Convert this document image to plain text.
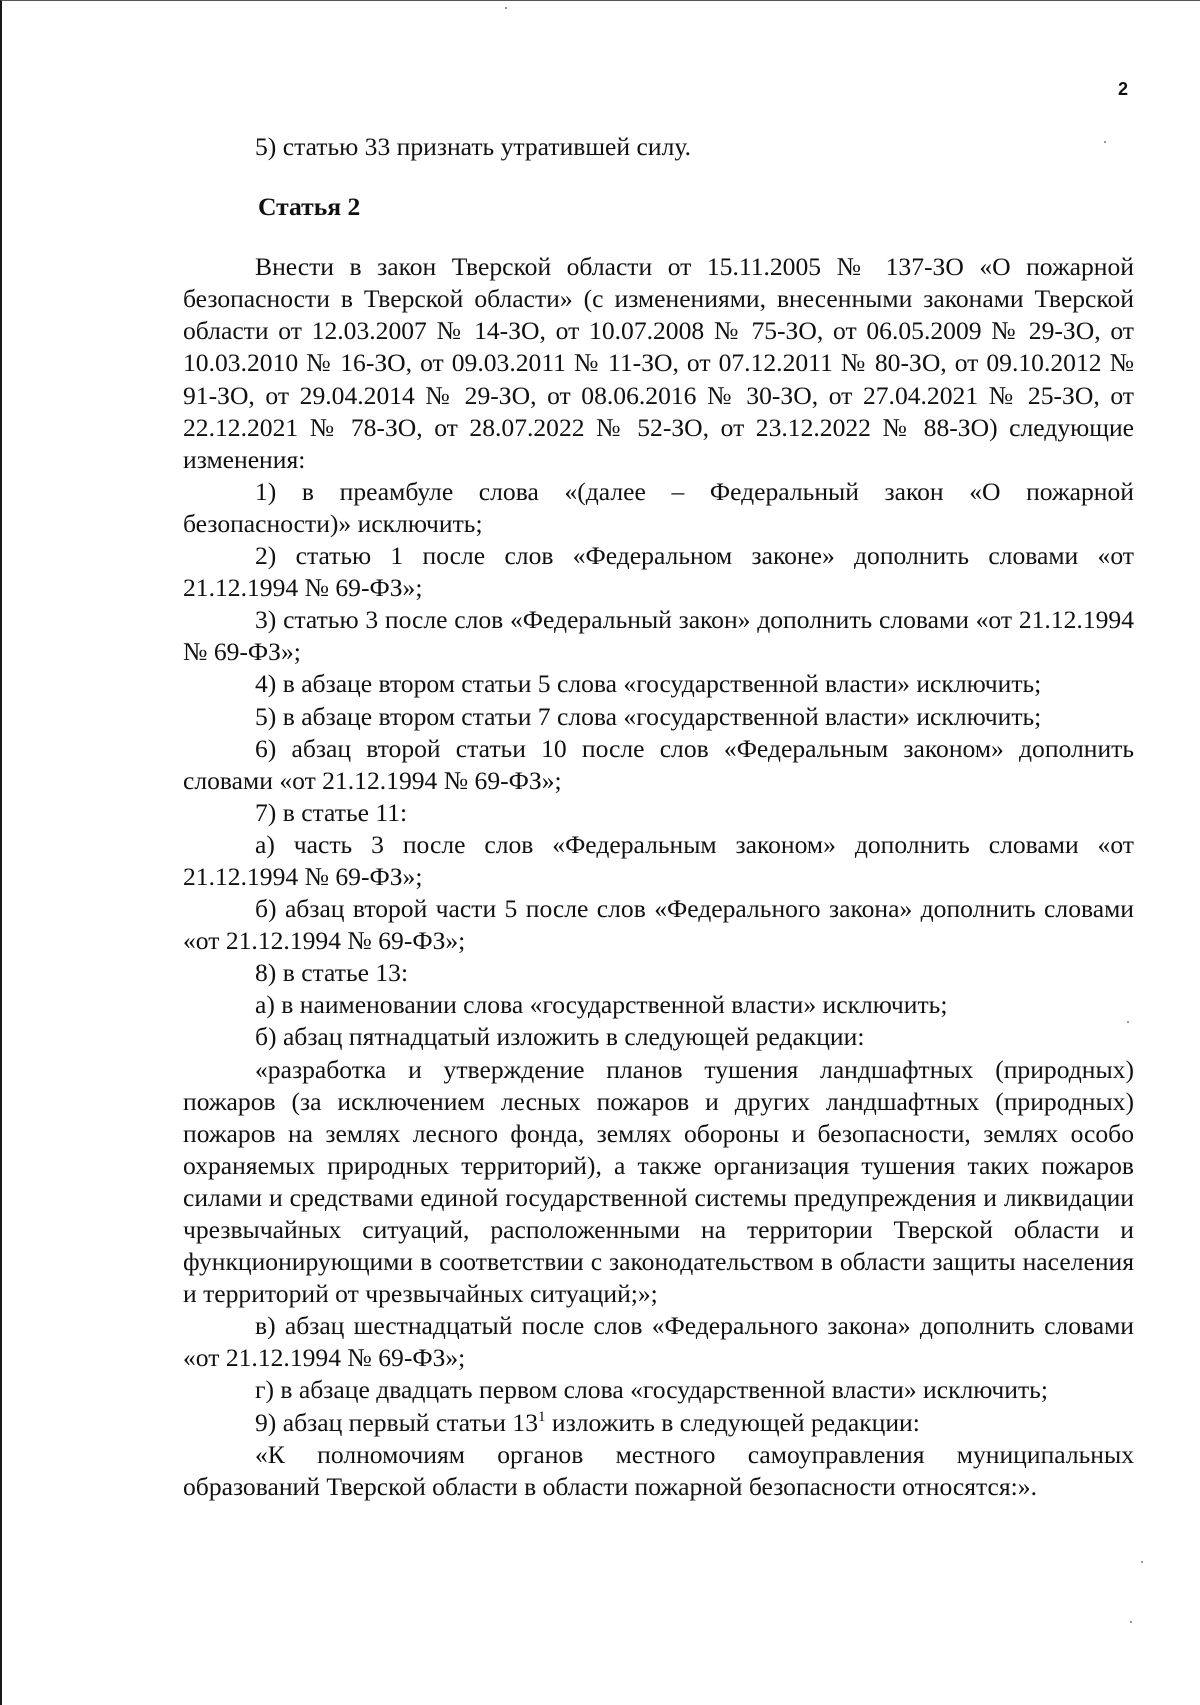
2

5) статью 33 признать утратившей силу.

Статья 2

Внести в закон Тверской области от 15.11.2005 № 137-ЗО «О пожарной безопасности в Тверской области» (с изменениями, внесенными законами Тверской области от 12.03.2007 № 14-ЗО, от 10.07.2008 № 75-ЗО, от 06.05.2009 № 29-ЗО, от 10.03.2010 № 16-ЗО, от 09.03.2011 № 11-ЗО, от 07.12.2011 № 80-ЗО, от 09.10.2012 № 91-ЗО, от 29.04.2014 № 29-ЗО, от 08.06.2016 № 30-ЗО, от 27.04.2021 № 25-ЗО, от 22.12.2021 № 78-ЗО, от 28.07.2022 № 52-ЗО, от 23.12.2022 № 88-ЗО) следующие изменения:

1) в преамбуле слова «(далее – Федеральный закон «О пожарной безопасности)» исключить;

2) статью 1 после слов «Федеральном законе» дополнить словами «от 21.12.1994 № 69-ФЗ»;

3) статью 3 после слов «Федеральный закон» дополнить словами «от 21.12.1994 № 69-ФЗ»;

4) в абзаце втором статьи 5 слова «государственной власти» исключить;

5) в абзаце втором статьи 7 слова «государственной власти» исключить;

6) абзац второй статьи 10 после слов «Федеральным законом» дополнить словами «от 21.12.1994 № 69-ФЗ»;

7) в статье 11:

а) часть 3 после слов «Федеральным законом» дополнить словами «от 21.12.1994 № 69-ФЗ»;

б) абзац второй части 5 после слов «Федерального закона» дополнить словами «от 21.12.1994 № 69-ФЗ»;

8) в статье 13:

а) в наименовании слова «государственной власти» исключить;

б) абзац пятнадцатый изложить в следующей редакции:

«разработка и утверждение планов тушения ландшафтных (природных) пожаров (за исключением лесных пожаров и других ландшафтных (природных) пожаров на землях лесного фонда, землях обороны и безопасности, землях особо охраняемых природных территорий), а также организация тушения таких пожаров силами и средствами единой государственной системы предупреждения и ликвидации чрезвычайных ситуаций, расположенными на территории Тверской области и функционирующими в соответствии с законодательством в области защиты населения и территорий от чрезвычайных ситуаций;»;

в) абзац шестнадцатый после слов «Федерального закона» дополнить словами «от 21.12.1994 № 69-ФЗ»;

г) в абзаце двадцать первом слова «государственной власти» исключить;

9) абзац первый статьи $13^1$ изложить в следующей редакции:

«К полномочиям органов местного самоуправления муниципальных образований Тверской области в области пожарной безопасности относятся:».
